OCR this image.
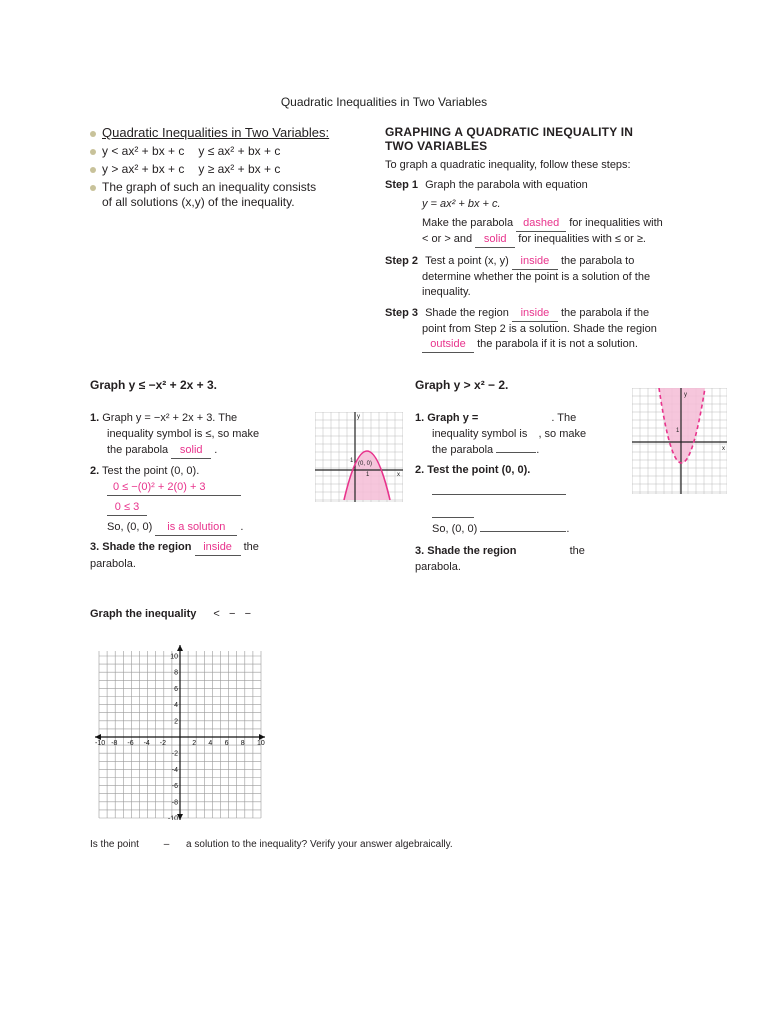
Quadratic Inequalities in Two Variables
Quadratic Inequalities in Two Variables:
y < ax² + bx + c y ≤ ax² + bx + c
y > ax² + bx + c y ≥ ax² + bx + c
The graph of such an inequality consists
of all solutions (x,y) of the inequality.
GRAPHING A QUADRATIC INEQUALITY IN
TWO VARIABLES
To graph a quadratic inequality, follow these steps:
Step 1 Graph the parabola with equation
y = ax² + bx + c.
Make the parabola dashed for inequalities with
< or > and solid for inequalities with ≤ or ≥.
Step 2 Test a point (x, y) inside the parabola to
determine whether the point is a solution of the
inequality.
Step 3 Shade the region inside the parabola if the
point from Step 2 is a solution. Shade the region
outside the parabola if it is not a solution.
Graph y ≤ −x² + 2x + 3.
1. Graph y = −x² + 2x + 3. The
inequality symbol is ≤, so make
the parabola solid .
2. Test the point (0, 0).
0 ≤ −(0)² + 2(0) + 3
0 ≤ 3
So, (0, 0) is a solution .
3. Shade the region inside the parabola.
(0, 0)
y
x
1
1
Graph y > x² − 2.
1. Graph y =	. The
inequality symbol is , so make
the parabola	.
2. Test the point (0, 0).
So, (0, 0)	.
3. Shade the region	the parabola.
y
x
1
Graph the inequality <   −   −
-10 -8 -6 -4 -2	2 4 6 8 10
10
8
6
4
2
-2
-4
-6
-8
-10
Is the point – a solution to the inequality? Verify your answer algebraically.
